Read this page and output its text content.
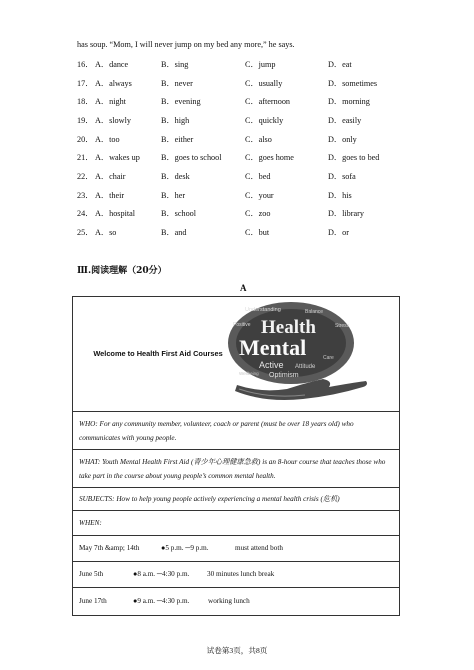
has soup. “Mom, I will never jump on my bed any more,” he says.
16． A．dance	B．sing	C．jump	D．eat
17． A．always	B．never	C．usually	D．sometimes
18． A．night	B．evening	C．afternoon	D．morning
19． A．slowly	B．high	C．quickly	D．easily
20． A．too	B．either	C．also	D．only
21． A．wakes up	B．goes to school	C．goes home	D．goes to bed
22． A．chair	B．desk	C．bed	D．sofa
23． A．their	B．her	C．your	D．his
24． A．hospital	B．school	C．zoo	D．library
25． A．so	B．and	C．but	D．or
Ⅲ.阅读理解（20分）
A
Welcome to Health First Aid Courses
Understanding	Balance
Health
Positive	Stress
Mental
Active Attitude
Optimism
Wellbeing
Care

WHO: For any community member, volunteer, coach or parent (must be over 18 years old) who communicates with young people.
WHAT: Youth Mental Health First Aid (青少年心理健康急救) is an 8-hour course that teaches those who take part in the course about young people’s common mental health.
SUBJECTS: How to help young people actively experiencing a mental health crisis (危机)
WHEN:

May 7th &amp; 14th	●5 p.m. ─9 p.m.	must attend both

June 5th	●8 a.m. ─4:30 p.m. 30 minutes lunch break

June 17th	●9 a.m. ─4:30 p.m.	working lunch
试卷第3页，共8页
